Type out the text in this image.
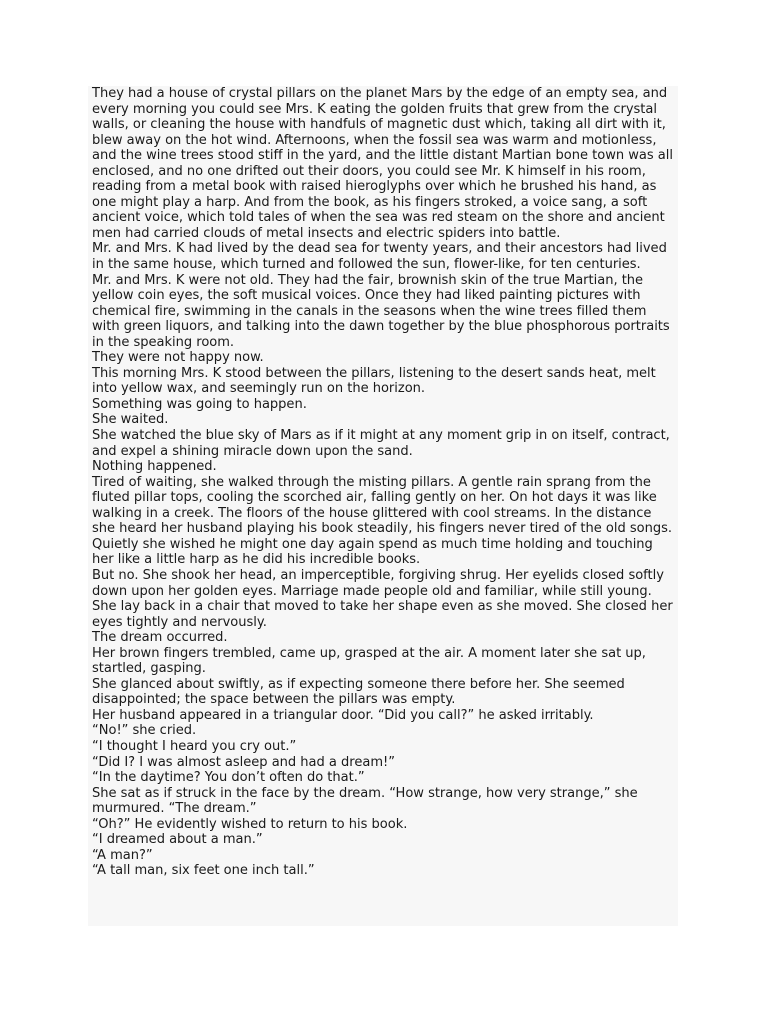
They had a house of crystal pillars on the planet Mars by the edge of an empty sea, and every morning you could see Mrs. K eating the golden fruits that grew from the crystal walls, or cleaning the house with handfuls of magnetic dust which, taking all dirt with it, blew away on the hot wind. Afternoons, when the fossil sea was warm and motionless, and the wine trees stood stiff in the yard, and the little distant Martian bone town was all enclosed, and no one drifted out their doors, you could see Mr. K himself in his room, reading from a metal book with raised hieroglyphs over which he brushed his hand, as one might play a harp. And from the book, as his fingers stroked, a voice sang, a soft ancient voice, which told tales of when the sea was red steam on the shore and ancient men had carried clouds of metal insects and electric spiders into battle.

Mr. and Mrs. K had lived by the dead sea for twenty years, and their ancestors had lived in the same house, which turned and followed the sun, flower-like, for ten centuries.

Mr. and Mrs. K were not old. They had the fair, brownish skin of the true Martian, the yellow coin eyes, the soft musical voices. Once they had liked painting pictures with chemical fire, swimming in the canals in the seasons when the wine trees filled them with green liquors, and talking into the dawn together by the blue phosphorous portraits in the speaking room.

They were not happy now.

This morning Mrs. K stood between the pillars, listening to the desert sands heat, melt into yellow wax, and seemingly run on the horizon.

Something was going to happen.

She waited.

She watched the blue sky of Mars as if it might at any moment grip in on itself, contract, and expel a shining miracle down upon the sand.

Nothing happened.

Tired of waiting, she walked through the misting pillars. A gentle rain sprang from the fluted pillar tops, cooling the scorched air, falling gently on her. On hot days it was like walking in a creek. The floors of the house glittered with cool streams. In the distance she heard her husband playing his book steadily, his fingers never tired of the old songs. Quietly she wished he might one day again spend as much time holding and touching her like a little harp as he did his incredible books.

But no. She shook her head, an imperceptible, forgiving shrug. Her eyelids closed softly down upon her golden eyes. Marriage made people old and familiar, while still young.

She lay back in a chair that moved to take her shape even as she moved. She closed her eyes tightly and nervously.

The dream occurred.

Her brown fingers trembled, came up, grasped at the air. A moment later she sat up, startled, gasping.

She glanced about swiftly, as if expecting someone there before her. She seemed disappointed; the space between the pillars was empty.

Her husband appeared in a triangular door. “Did you call?” he asked irritably.

“No!” she cried.

“I thought I heard you cry out.”

“Did I? I was almost asleep and had a dream!”

“In the daytime? You don’t often do that.”

She sat as if struck in the face by the dream. “How strange, how very strange,” she murmured. “The dream.”

“Oh?” He evidently wished to return to his book.

“I dreamed about a man.”

“A man?”

“A tall man, six feet one inch tall.”
